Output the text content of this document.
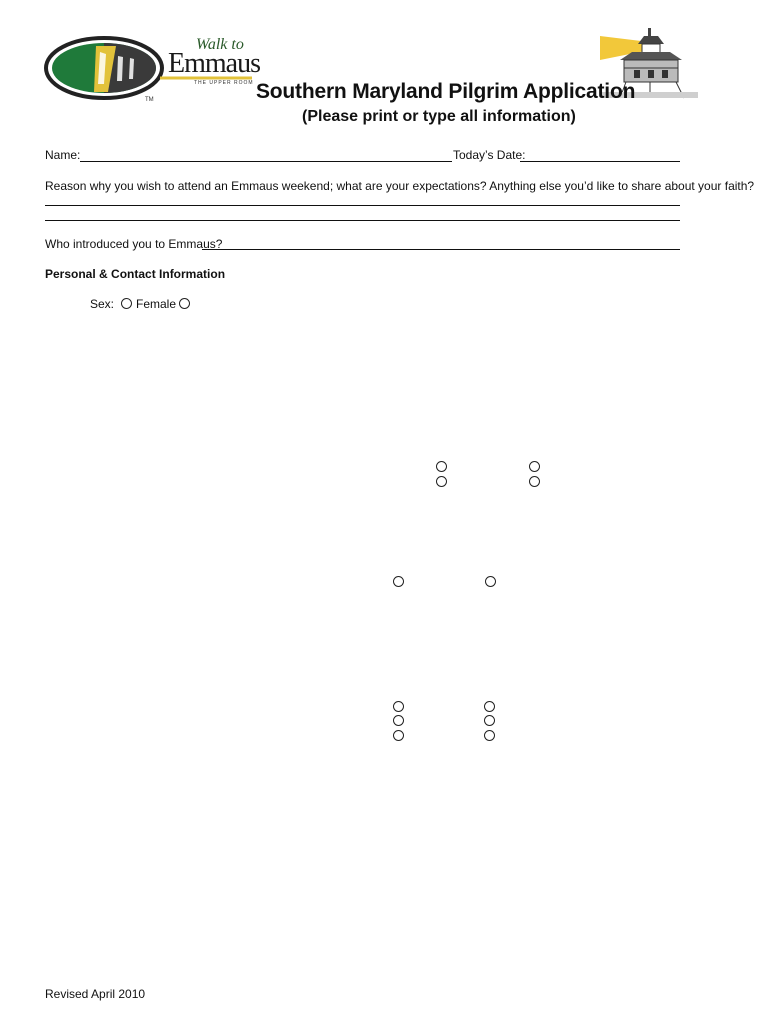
TM
Walk to
Emmaus
THE UPPER ROOM Southern Maryland Pilgrim Application
(Please print or type all information)
Name:	Today’s Date:
Reason why you wish to attend an Emmaus weekend; what are your expectations? Anything else you’d like to share about your faith?
Who introduced you to Emmaus?
Personal & Contact Information
Sex: Female
Revised April 2010
